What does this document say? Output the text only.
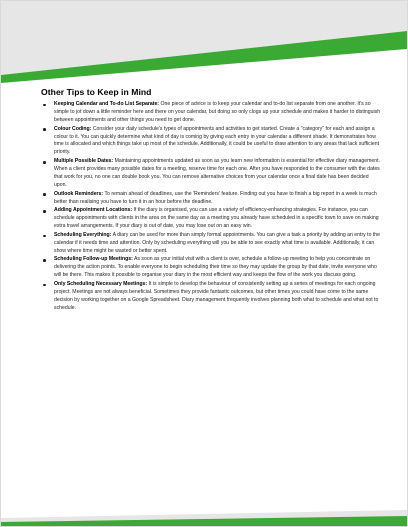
Other Tips to Keep in Mind
Keeping Calendar and To-do List Separate: One piece of advice is to keep your calendar and to-do list separate from one another. It's so simple to jot down a little reminder here and there on your calendar, but doing so only clogs up your schedule and makes it harder to distinguish between appointments and other things you need to get done.
Colour Coding: Consider your daily schedule's types of appointments and activities to get started. Create a "category" for each and assign a colour to it. You can quickly determine what kind of day is coming by giving each entry in your calendar a different shade. It demonstrates how time is allocated and which things take up most of the schedule. Additionally, it could be useful to draw attention to any areas that lack sufficient priority.
Multiple Possible Dates: Maintaining appointments updated as soon as you learn new information is essential for effective diary management. When a client provides many possible dates for a meeting, reserve time for each one. After you have responded to the consumer with the dates that work for you, no one can double book you. You can remove alternative choices from your calendar once a final date has been decided upon.
Outlook Reminders: To remain ahead of deadlines, use the 'Reminders' feature. Finding out you have to finish a big report in a week is much better than realising you have to turn it in an hour before the deadline.
Adding Appointment Locations: If the diary is organised, you can use a variety of efficiency-enhancing strategies. For instance, you can schedule appointments with clients in the area on the same day as a meeting you already have scheduled in a specific town to save on making extra travel arrangements. If your diary is out of date, you may lose out on an easy win.
Scheduling Everything: A diary can be used for more than simply formal appointments. You can give a task a priority by adding an entry to the calendar if it needs time and attention. Only by scheduling everything will you be able to see exactly what time is available. Additionally, it can show where time might be wasted or better spent.
Scheduling Follow-up Meetings: As soon as your initial visit with a client is over, schedule a follow-up meeting to help you concentrate on delivering the action points. To enable everyone to begin scheduling their time so they may update the group by that date, invite everyone who will be there. This makes it possible to organise your diary in the most efficient way and keeps the flow of the work you discuss going.
Only Scheduling Necessary Meetings: It is simple to develop the behaviour of consistently setting up a series of meetings for each ongoing project. Meetings are not always beneficial. Sometimes they provide fantastic outcomes, but other times you could have come to the same decision by working together on a Google Spreadsheet. Diary management frequently involves planning both what to schedule and what not to schedule.
